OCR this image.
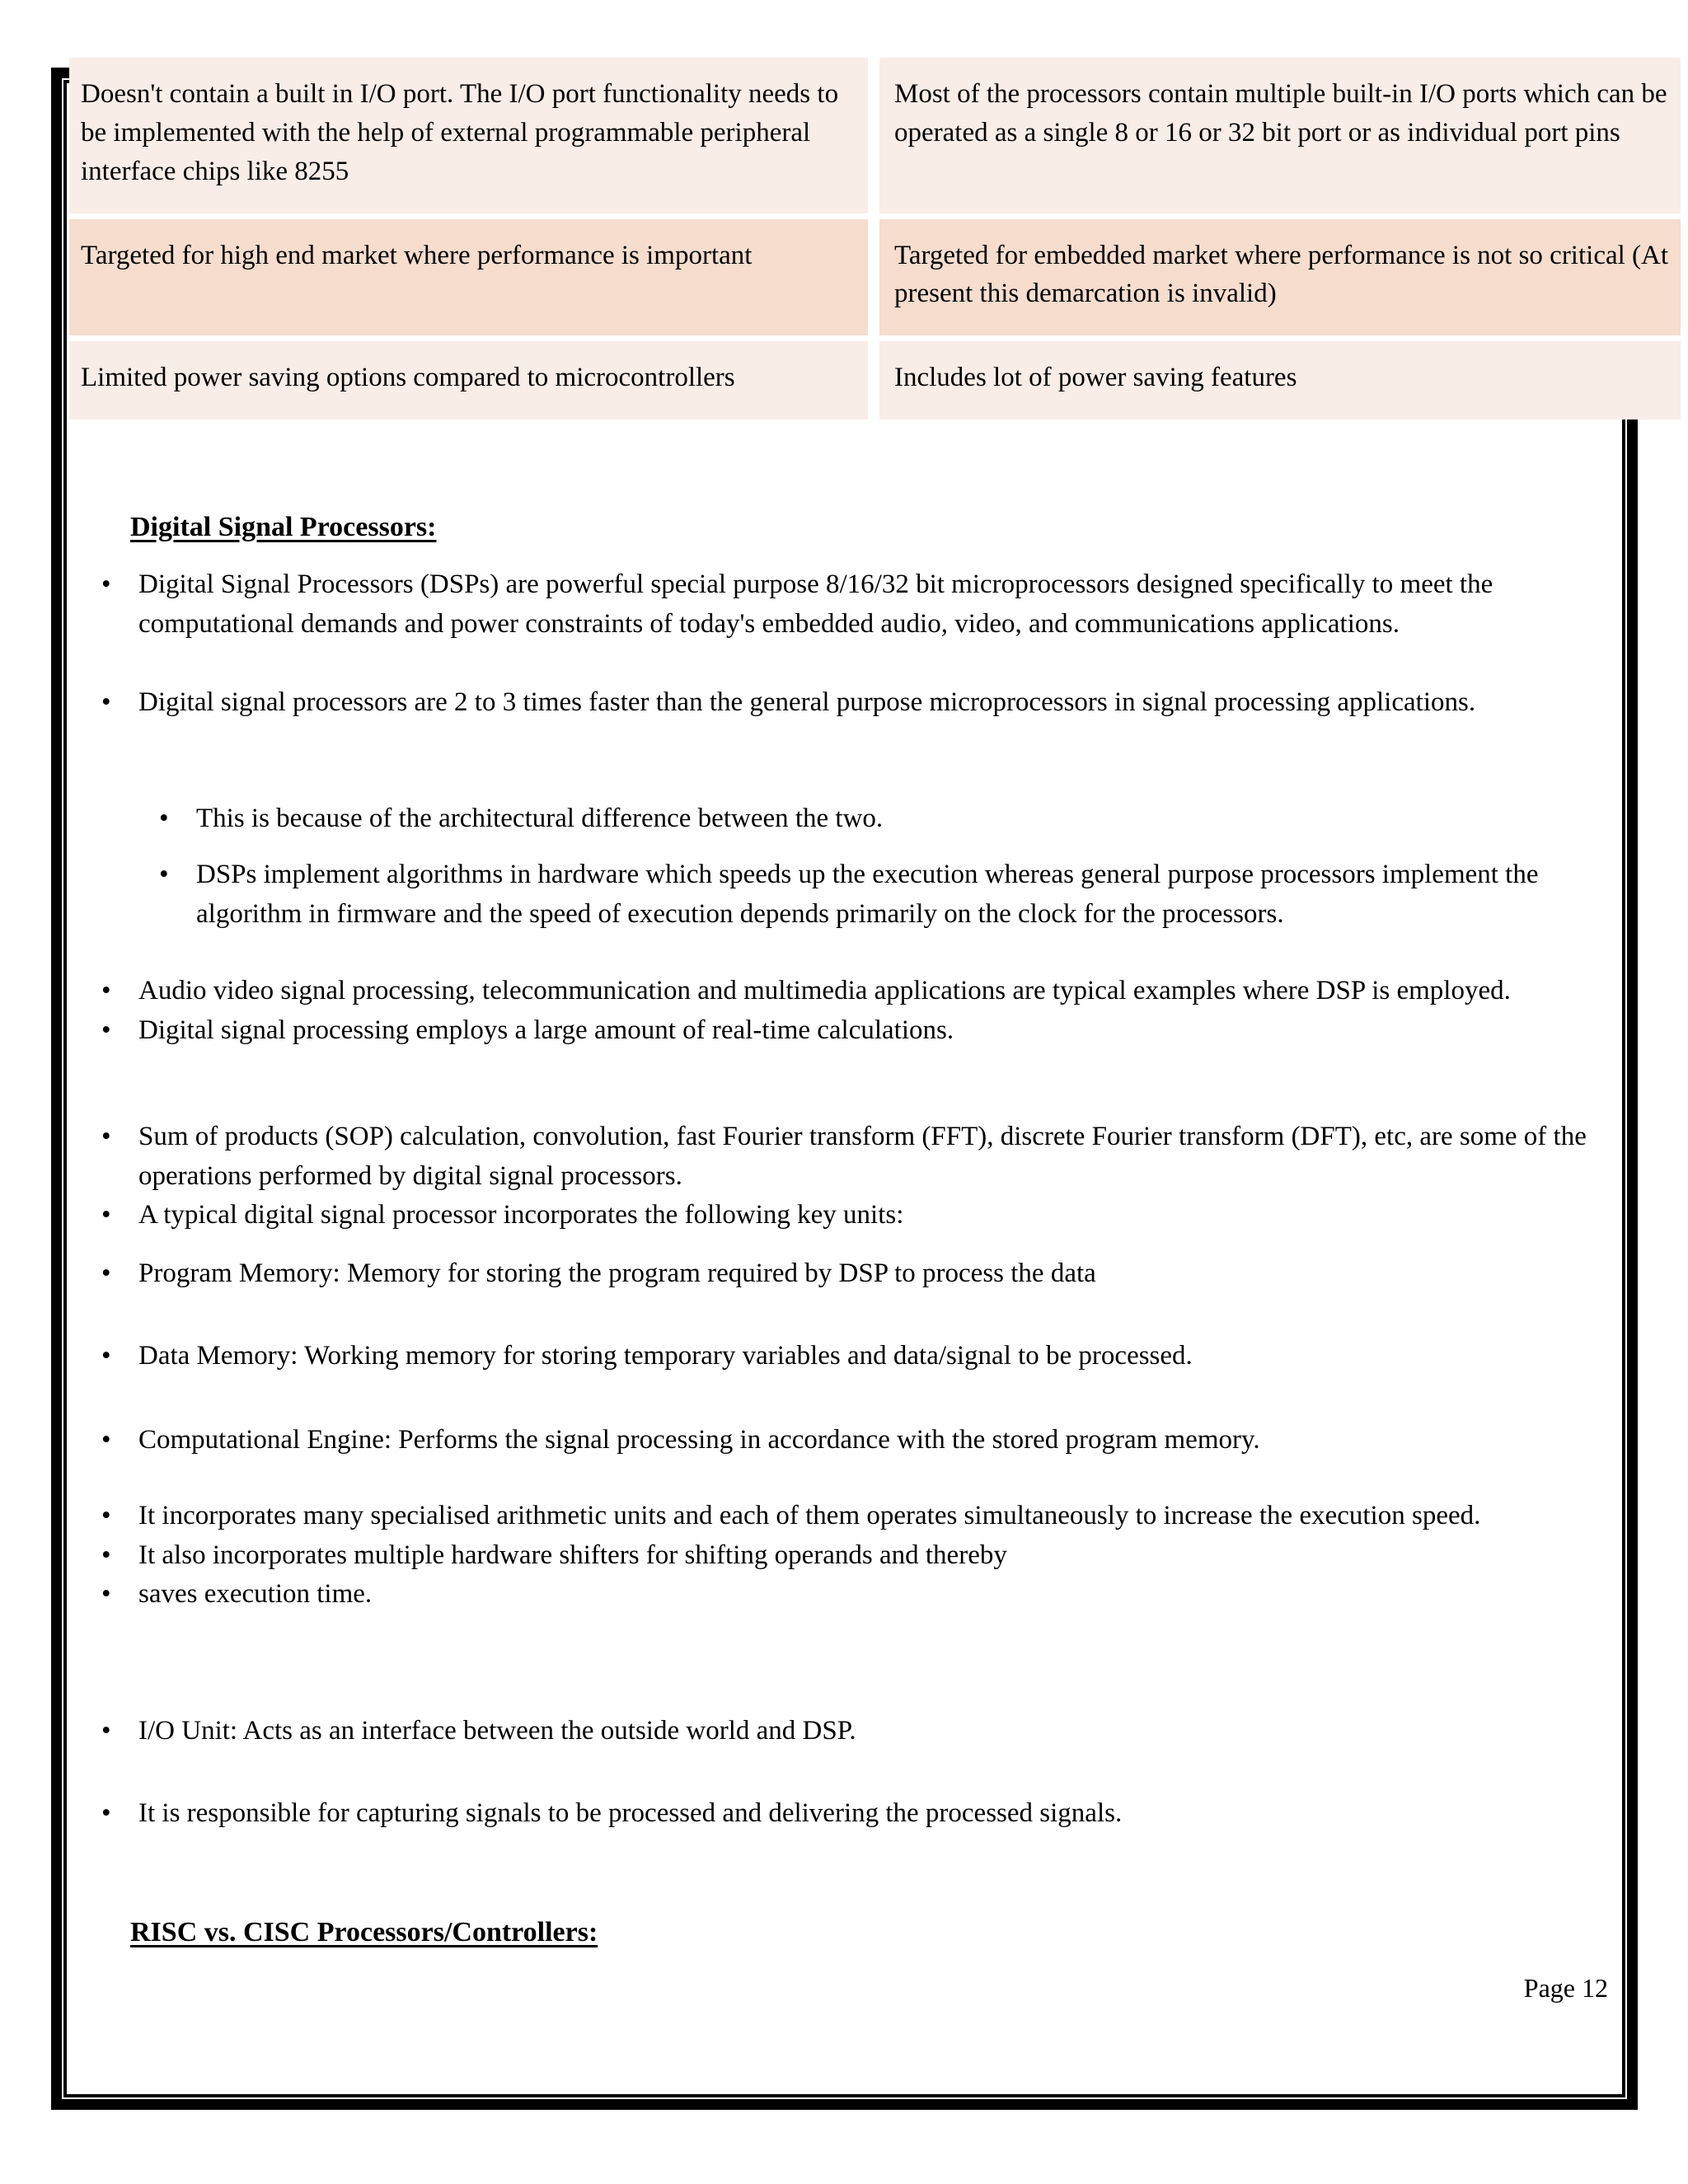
Doesn't contain a built in I/O port. The I/O port functionality needs to be implemented with the help of external programmable peripheral interface chips like 8255	Most of the processors contain multiple built-in I/O ports which can be operated as a single 8 or 16 or 32 bit port or as individual port pins
Targeted for high end market where performance is important	Targeted for embedded market where performance is not so critical (At present this demarcation is invalid)
Limited power saving options compared to microcontrollers	Includes lot of power saving features
Digital Signal Processors:
• Digital Signal Processors (DSPs) are powerful special purpose 8/16/32 bit microprocessors designed specifically to meet the computational demands and power constraints of today's embedded audio, video, and communications applications.
• Digital signal processors are 2 to 3 times faster than the general purpose microprocessors in signal processing applications.
• This is because of the architectural difference between the two.
• DSPs implement algorithms in hardware which speeds up the execution whereas general purpose processors implement the algorithm in firmware and the speed of execution depends primarily on the clock for the processors.
• Audio video signal processing, telecommunication and multimedia applications are typical examples where DSP is employed.
• Digital signal processing employs a large amount of real-time calculations.
• Sum of products (SOP) calculation, convolution, fast Fourier transform (FFT), discrete Fourier transform (DFT), etc, are some of the operations performed by digital signal processors.
• A typical digital signal processor incorporates the following key units:
• Program Memory: Memory for storing the program required by DSP to process the data
• Data Memory: Working memory for storing temporary variables and data/signal to be processed.
• Computational Engine: Performs the signal processing in accordance with the stored program memory.
• It incorporates many specialised arithmetic units and each of them operates simultaneously to increase the execution speed.
• It also incorporates multiple hardware shifters for shifting operands and thereby
• saves execution time.
• I/O Unit: Acts as an interface between the outside world and DSP.
• It is responsible for capturing signals to be processed and delivering the processed signals.
RISC vs. CISC Processors/Controllers:
Page 12
